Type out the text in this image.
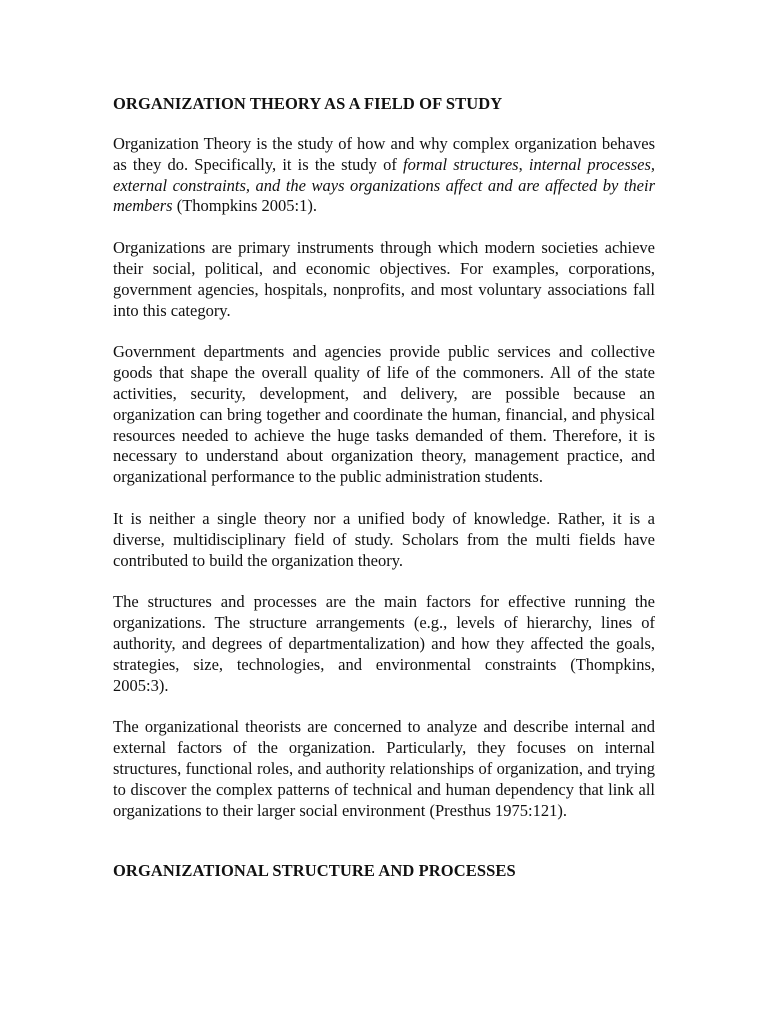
ORGANIZATION THEORY AS A FIELD OF STUDY

Organization Theory is the study of how and why complex organization behaves as they do. Specifically, it is the study of formal structures, internal processes, external constraints, and the ways organizations affect and are affected by their members (Thompkins 2005:1).

Organizations are primary instruments through which modern societies achieve their social, political, and economic objectives. For examples, corporations, government agencies, hospitals, nonprofits, and most voluntary associations fall into this category.

Government departments and agencies provide public services and collective goods that shape the overall quality of life of the commoners. All of the state activities, security, development, and delivery, are possible because an organization can bring together and coordinate the human, financial, and physical resources needed to achieve the huge tasks demanded of them. Therefore, it is necessary to understand about organization theory, management practice, and organizational performance to the public administration students.

It is neither a single theory nor a unified body of knowledge. Rather, it is a diverse, multidisciplinary field of study. Scholars from the multi fields have contributed to build the organization theory.

The structures and processes are the main factors for effective running the organizations. The structure arrangements (e.g., levels of hierarchy, lines of authority, and degrees of departmentalization) and how they affected the goals, strategies, size, technologies, and environmental constraints (Thompkins, 2005:3).

The organizational theorists are concerned to analyze and describe internal and external factors of the organization. Particularly, they focuses on internal structures, functional roles, and authority relationships of organization, and trying to discover the complex patterns of technical and human dependency that link all organizations to their larger social environment (Presthus 1975:121).

ORGANIZATIONAL STRUCTURE AND PROCESSES
